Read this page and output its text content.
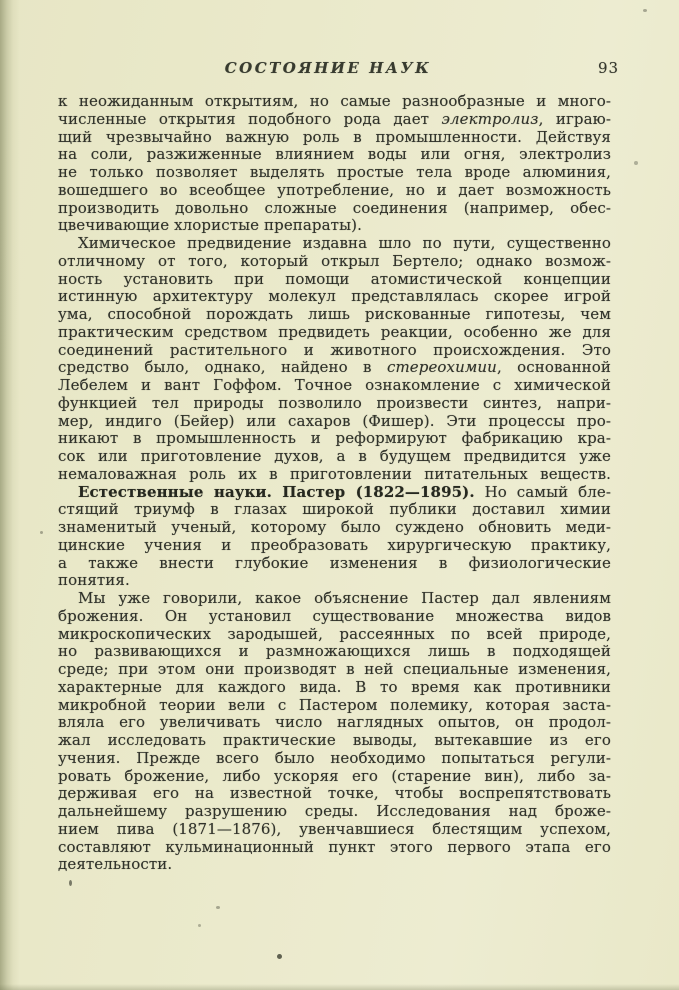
СОСТОЯНИЕ НАУК	93
к неожиданным открытиям, но самые разнообразные и много-
численные открытия подобного рода дает электролиз, играю-
щий чрезвычайно важную роль в промышленности. Действуя
на соли, разжиженные влиянием воды или огня, электролиз
не только позволяет выделять простые тела вроде алюминия,
вошедшего во всеобщее употребление, но и дает возможность
производить довольно сложные соединения (например, обес-
цвечивающие хлористые препараты).
Химическое предвидение издавна шло по пути, существенно
отличному от того, который открыл Бертело; однако возмож-
ность установить при помощи атомистической концепции
истинную архитектуру молекул представлялась скорее игрой
ума, способной порождать лишь рискованные гипотезы, чем
практическим средством предвидеть реакции, особенно же для
соединений растительного и животного происхождения. Это
средство было, однако, найдено в стереохимии, основанной
Лебелем и вант Гоффом. Точное ознакомление с химической
функцией тел природы позволило произвести синтез, напри-
мер, индиго (Бейер) или сахаров (Фишер). Эти процессы про-
никают в промышленность и реформируют фабрикацию кра-
сок или приготовление духов, а в будущем предвидится уже
немаловажная роль их в приготовлении питательных веществ.
Естественные науки. Пастер (1822—1895). Но самый бле-
стящий триумф в глазах широкой публики доставил химии
знаменитый ученый, которому было суждено обновить меди-
цинские учения и преобразовать хирургическую практику,
а также внести глубокие изменения в физиологические
понятия.
Мы уже говорили, какое объяснение Пастер дал явлениям
брожения. Он установил существование множества видов
микроскопических зародышей, рассеянных по всей природе,
но развивающихся и размножающихся лишь в подходящей
среде; при этом они производят в ней специальные изменения,
характерные для каждого вида. В то время как противники
микробной теории вели с Пастером полемику, которая заста-
вляла его увеличивать число наглядных опытов, он продол-
жал исследовать практические выводы, вытекавшие из его
учения. Прежде всего было необходимо попытаться регули-
ровать брожение, либо ускоряя его (старение вин), либо за-
держивая его на известной точке, чтобы воспрепятствовать
дальнейшему разрушению среды. Исследования над броже-
нием пива (1871—1876), увенчавшиеся блестящим успехом,
составляют кульминационный пункт этого первого этапа его
деятельности.
